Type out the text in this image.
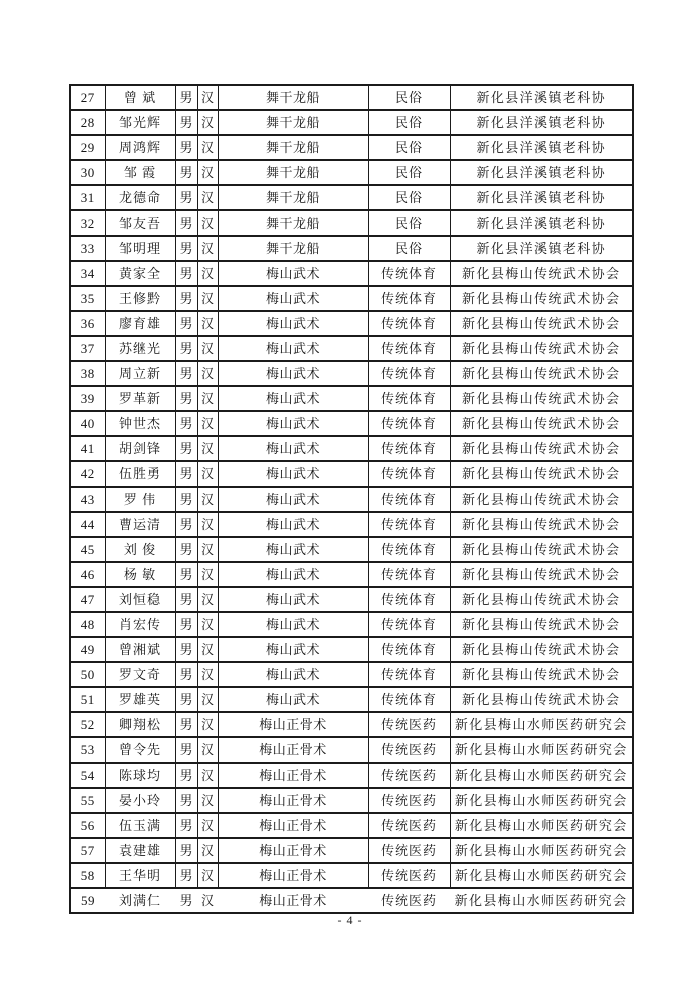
27	曾 斌	男	汉	舞干龙船	民俗	新化县洋溪镇老科协
28	邹光辉	男	汉	舞干龙船	民俗	新化县洋溪镇老科协
29	周鸿辉	男	汉	舞干龙船	民俗	新化县洋溪镇老科协
30	邹 霞	男	汉	舞干龙船	民俗	新化县洋溪镇老科协
31	龙德命	男	汉	舞干龙船	民俗	新化县洋溪镇老科协
32	邹友吾	男	汉	舞干龙船	民俗	新化县洋溪镇老科协
33	邹明理	男	汉	舞干龙船	民俗	新化县洋溪镇老科协
34	黄家全	男	汉	梅山武术	传统体育	新化县梅山传统武术协会
35	王修黔	男	汉	梅山武术	传统体育	新化县梅山传统武术协会
36	廖育雄	男	汉	梅山武术	传统体育	新化县梅山传统武术协会
37	苏继光	男	汉	梅山武术	传统体育	新化县梅山传统武术协会
38	周立新	男	汉	梅山武术	传统体育	新化县梅山传统武术协会
39	罗革新	男	汉	梅山武术	传统体育	新化县梅山传统武术协会
40	钟世杰	男	汉	梅山武术	传统体育	新化县梅山传统武术协会
41	胡剑锋	男	汉	梅山武术	传统体育	新化县梅山传统武术协会
42	伍胜勇	男	汉	梅山武术	传统体育	新化县梅山传统武术协会
43	罗 伟	男	汉	梅山武术	传统体育	新化县梅山传统武术协会
44	曹运清	男	汉	梅山武术	传统体育	新化县梅山传统武术协会
45	刘 俊	男	汉	梅山武术	传统体育	新化县梅山传统武术协会
46	杨 敏	男	汉	梅山武术	传统体育	新化县梅山传统武术协会
47	刘恒稳	男	汉	梅山武术	传统体育	新化县梅山传统武术协会
48	肖宏传	男	汉	梅山武术	传统体育	新化县梅山传统武术协会
49	曾湘斌	男	汉	梅山武术	传统体育	新化县梅山传统武术协会
50	罗文奇	男	汉	梅山武术	传统体育	新化县梅山传统武术协会
51	罗雄英	男	汉	梅山武术	传统体育	新化县梅山传统武术协会
52	卿翔松	男	汉	梅山正骨术	传统医药	新化县梅山水师医药研究会
53	曾令先	男	汉	梅山正骨术	传统医药	新化县梅山水师医药研究会
54	陈球均	男	汉	梅山正骨术	传统医药	新化县梅山水师医药研究会
55	晏小玲	男	汉	梅山正骨术	传统医药	新化县梅山水师医药研究会
56	伍玉满	男	汉	梅山正骨术	传统医药	新化县梅山水师医药研究会
57	袁建雄	男	汉	梅山正骨术	传统医药	新化县梅山水师医药研究会
58	王华明	男	汉	梅山正骨术	传统医药	新化县梅山水师医药研究会
59	刘满仁	男	汉	梅山正骨术	传统医药	新化县梅山水师医药研究会
- 4 -
